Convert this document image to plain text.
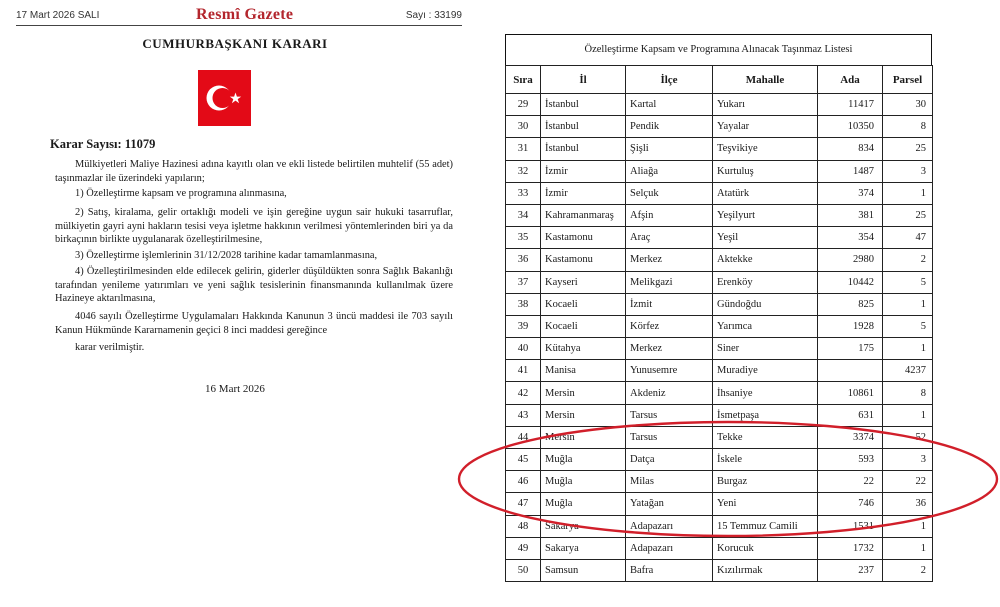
17 Mart 2026 SALI	Resmî Gazete	Sayı : 33199
CUMHURBAŞKANI KARARI
Karar Sayısı: 11079
Mülkiyetleri Maliye Hazinesi adına kayıtlı olan ve ekli listede belirtilen muhtelif (55 adet) taşınmazlar ile üzerindeki yapıların;
1) Özelleştirme kapsam ve programına alınmasına,
2) Satış, kiralama, gelir ortaklığı modeli ve işin gereğine uygun sair hukuki tasarruflar, mülkiyetin gayri ayni hakların tesisi veya işletme hakkının verilmesi yöntemlerinden biri ya da birkaçının birlikte uygulanarak özelleştirilmesine,
3) Özelleştirme işlemlerinin 31/12/2028 tarihine kadar tamamlanmasına,
4) Özelleştirilmesinden elde edilecek gelirin, giderler düşüldükten sonra Sağlık Bakanlığı tarafından yenileme yatırımları ve yeni sağlık tesislerinin finansmanında kullanılmak üzere Hazineye aktarılmasına,
4046 sayılı Özelleştirme Uygulamaları Hakkında Kanunun 3 üncü maddesi ile 703 sayılı Kanun Hükmünde Kararnamenin geçici 8 inci maddesi gereğince
karar verilmiştir.
16 Mart 2026
Özelleştirme Kapsam ve Programına Alınacak Taşınmaz Listesi
Sıra	İl	İlçe	Mahalle	Ada	Parsel
29	İstanbul	Kartal	Yukarı	11417	30
30	İstanbul	Pendik	Yayalar	10350	8
31	İstanbul	Şişli	Teşvikiye	834	25
32	İzmir	Aliağa	Kurtuluş	1487	3
33	İzmir	Selçuk	Atatürk	374	1
34	Kahramanmaraş	Afşin	Yeşilyurt	381	25
35	Kastamonu	Araç	Yeşil	354	47
36	Kastamonu	Merkez	Aktekke	2980	2
37	Kayseri	Melikgazi	Erenköy	10442	5
38	Kocaeli	İzmit	Gündoğdu	825	1
39	Kocaeli	Körfez	Yarımca	1928	5
40	Kütahya	Merkez	Siner	175	1
41	Manisa	Yunusemre	Muradiye		4237
42	Mersin	Akdeniz	İhsaniye	10861	8
43	Mersin	Tarsus	İsmetpaşa	631	1
44	Mersin	Tarsus	Tekke	3374	52
45	Muğla	Datça	İskele	593	3
46	Muğla	Milas	Burgaz	22	22
47	Muğla	Yatağan	Yeni	746	36
48	Sakarya	Adapazarı	15 Temmuz Camili	1531	1
49	Sakarya	Adapazarı	Korucuk	1732	1
50	Samsun	Bafra	Kızılırmak	237	2
